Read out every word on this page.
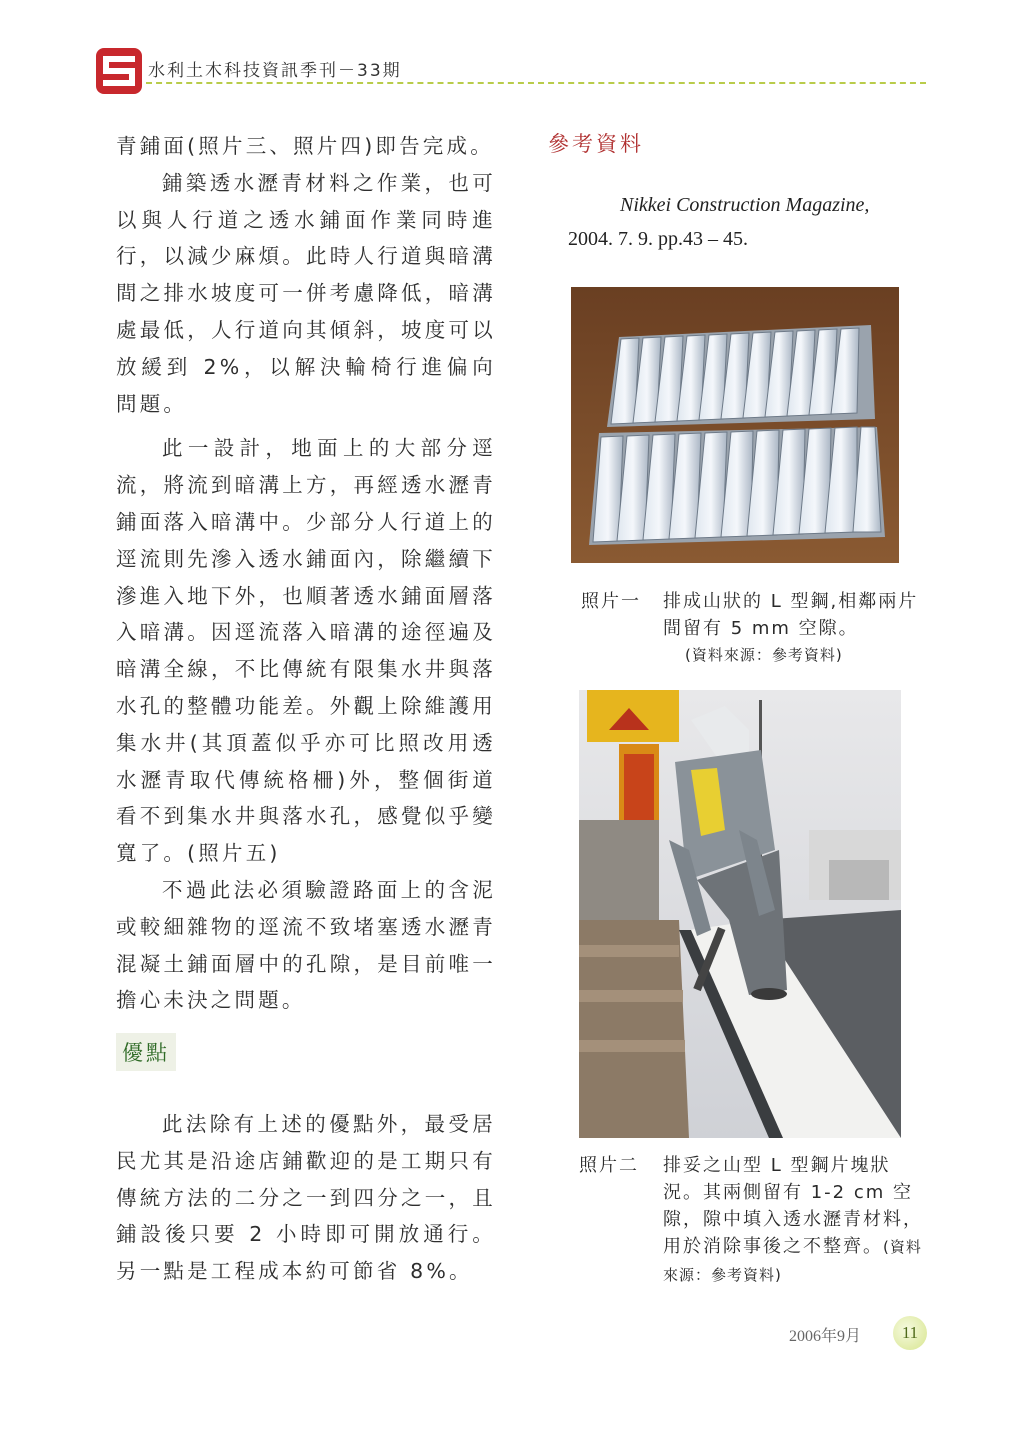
水利土木科技資訊季刊－33期

青鋪面(照片三、照片四)即告完成。

鋪築透水瀝青材料之作業，也可以與人行道之透水鋪面作業同時進行，以減少麻煩。此時人行道與暗溝間之排水坡度可一併考慮降低，暗溝處最低，人行道向其傾斜，坡度可以放緩到 2%，以解決輪椅行進偏向問題。

此一設計，地面上的大部分逕流，將流到暗溝上方，再經透水瀝青鋪面落入暗溝中。少部分人行道上的逕流則先滲入透水鋪面內，除繼續下滲進入地下外，也順著透水鋪面層落入暗溝。因逕流落入暗溝的途徑遍及暗溝全線，不比傳統有限集水井與落水孔的整體功能差。外觀上除維護用集水井(其頂蓋似乎亦可比照改用透水瀝青取代傳統格柵)外，整個街道看不到集水井與落水孔，感覺似乎變寬了。(照片五)

不過此法必須驗證路面上的含泥或較細雜物的逕流不致堵塞透水瀝青混凝土鋪面層中的孔隙，是目前唯一擔心未決之問題。

優點

此法除有上述的優點外，最受居民尤其是沿途店鋪歡迎的是工期只有傳統方法的二分之一到四分之一，且鋪設後只要 2 小時即可開放通行。另一點是工程成本約可節省 8%。

參考資料
Nikkei Construction Magazine,
2004. 7. 9. pp.43 – 45.
照片一 排成山狀的 L 型鋼,相鄰兩片間留有 5 mm 空隙。
(資料來源：參考資料)
照片二 排妥之山型 L 型鋼片塊狀況。其兩側留有 1-2 cm 空隙，隙中填入透水瀝青材料，用於消除事後之不整齊。(資料來源：參考資料)
2006年9月	11
